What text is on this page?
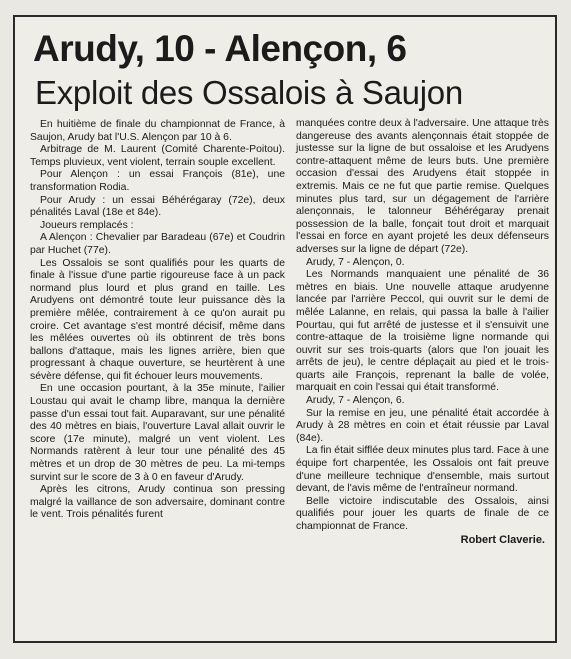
Arudy, 10 - Alençon, 6
Exploit des Ossalois à Saujon

En huitième de finale du championnat de France, à Saujon, Arudy bat l'U.S. Alençon par 10 à 6.

Arbitrage de M. Laurent (Comité Charente-Poitou). Temps pluvieux, vent violent, terrain souple excellent.

Pour Alençon : un essai François (81e), une transformation Rodia.

Pour Arudy : un essai Béhérégaray (72e), deux pénalités Laval (18e et 84e).

Joueurs remplacés :

A Alençon : Chevalier par Baradeau (67e) et Coudrin par Huchet (77e).

Les Ossalois se sont qualifiés pour les quarts de finale à l'issue d'une partie rigoureuse face à un pack normand plus lourd et plus grand en taille. Les Arudyens ont démontré toute leur puissance dès la première mêlée, contrairement à ce qu'on aurait pu croire. Cet avantage s'est montré décisif, même dans les mêlées ouvertes où ils obtinrent de très bons ballons d'attaque, mais les lignes arrière, bien que progressant à chaque ouverture, se heurtèrent à une sévère défense, qui fit échouer leurs mouvements.

En une occasion pourtant, à la 35e minute, l'ailier Loustau qui avait le champ libre, manqua la dernière passe d'un essai tout fait. Auparavant, sur une pénalité des 40 mètres en biais, l'ouverture Laval allait ouvrir le score (17e minute), malgré un vent violent. Les Normands ratèrent à leur tour une pénalité des 45 mètres et un drop de 30 mètres de peu. La mi-temps survint sur le score de 3 à 0 en faveur d'Arudy.

Après les citrons, Arudy continua son pressing malgré la vaillance de son adversaire, dominant contre le vent. Trois pénalités furent

manquées contre deux à l'adversaire. Une attaque très dangereuse des avants alençonnais était stoppée de justesse sur la ligne de but ossaloise et les Arudyens contre-attaquent même de leurs buts. Une première occasion d'essai des Arudyens était stoppée in extremis. Mais ce ne fut que partie remise. Quelques minutes plus tard, sur un dégagement de l'arrière alençonnais, le talonneur Béhérégaray prenait possession de la balle, fonçait tout droit et marquait l'essai en force en ayant projeté les deux défenseurs adverses sur la ligne de départ (72e).

Arudy, 7 - Alençon, 0.

Les Normands manquaient une pénalité de 36 mètres en biais. Une nouvelle attaque arudyenne lancée par l'arrière Peccol, qui ouvrit sur le demi de mêlée Lalanne, en relais, qui passa la balle à l'ailier Pourtau, qui fut arrêté de justesse et il s'ensuivit une contre-attaque de la troisième ligne normande qui ouvrit sur ses trois-quarts (alors que l'on jouait les arrêts de jeu), le centre déplaçait au pied et le trois-quarts aile François, reprenant la balle de volée, marquait en coin l'essai qui était transformé.

Arudy, 7 - Alençon, 6.

Sur la remise en jeu, une pénalité était accordée à Arudy à 28 mètres en coin et était réussie par Laval (84e).

La fin était sifflée deux minutes plus tard. Face à une équipe fort charpentée, les Ossalois ont fait preuve d'une meilleure technique d'ensemble, mais surtout devant, de l'avis même de l'entraîneur normand.

Belle victoire indiscutable des Ossalois, ainsi qualifiés pour jouer les quarts de finale de ce championnat de France.

Robert Claverie.
